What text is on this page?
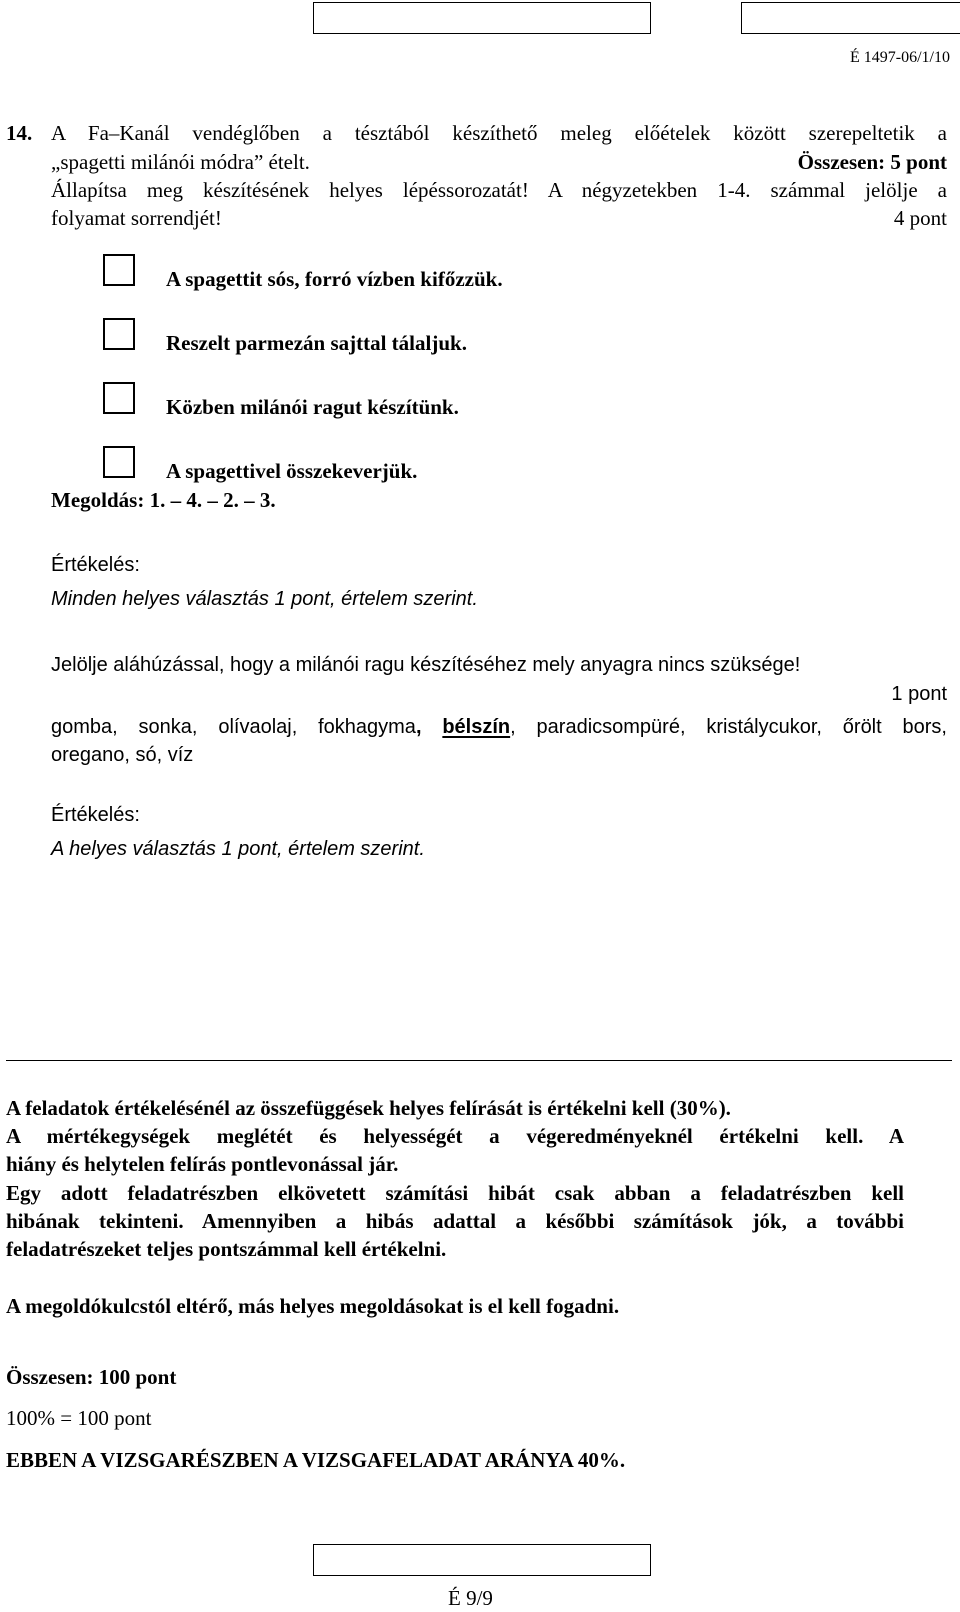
É 1497-06/1/10
14. A Fa–Kanál vendéglőben a tésztából készíthető meleg előételek között szerepeltetik a
„spagetti milánói módra” ételt.	Összesen: 5 pont
Állapítsa meg készítésének helyes lépéssorozatát! A négyzetekben 1-4. számmal jelölje a
folyamat sorrendjét!	4 pont
A spagettit sós, forró vízben kifőzzük.
Reszelt parmezán sajttal tálaljuk.
Közben milánói ragut készítünk.
A spagettivel összekeverjük.
Megoldás: 1. – 4. – 2. – 3.
Értékelés:
Minden helyes választás 1 pont, értelem szerint.
Jelölje aláhúzással, hogy a milánói ragu készítéséhez mely anyagra nincs szüksége!
1 pont
gomba, sonka, olívaolaj, fokhagyma, bélszín, paradicsompüré, kristálycukor, őrölt bors,
oregano, só, víz
Értékelés:
A helyes választás 1 pont, értelem szerint.
A feladatok értékelésénél az összefüggések helyes felírását is értékelni kell (30%).
A mértékegységek meglétét és helyességét a végeredményeknél értékelni kell. A
hiány és helytelen felírás pontlevonással jár.
Egy adott feladatrészben elkövetett számítási hibát csak abban a feladatrészben kell
hibának tekinteni. Amennyiben a hibás adattal a későbbi számítások jók, a további
feladatrészeket teljes pontszámmal kell értékelni.
A megoldókulcstól eltérő, más helyes megoldásokat is el kell fogadni.
Összesen: 100 pont
100% = 100 pont
EBBEN A VIZSGARÉSZBEN A VIZSGAFELADAT ARÁNYA 40%.
É 9/9
